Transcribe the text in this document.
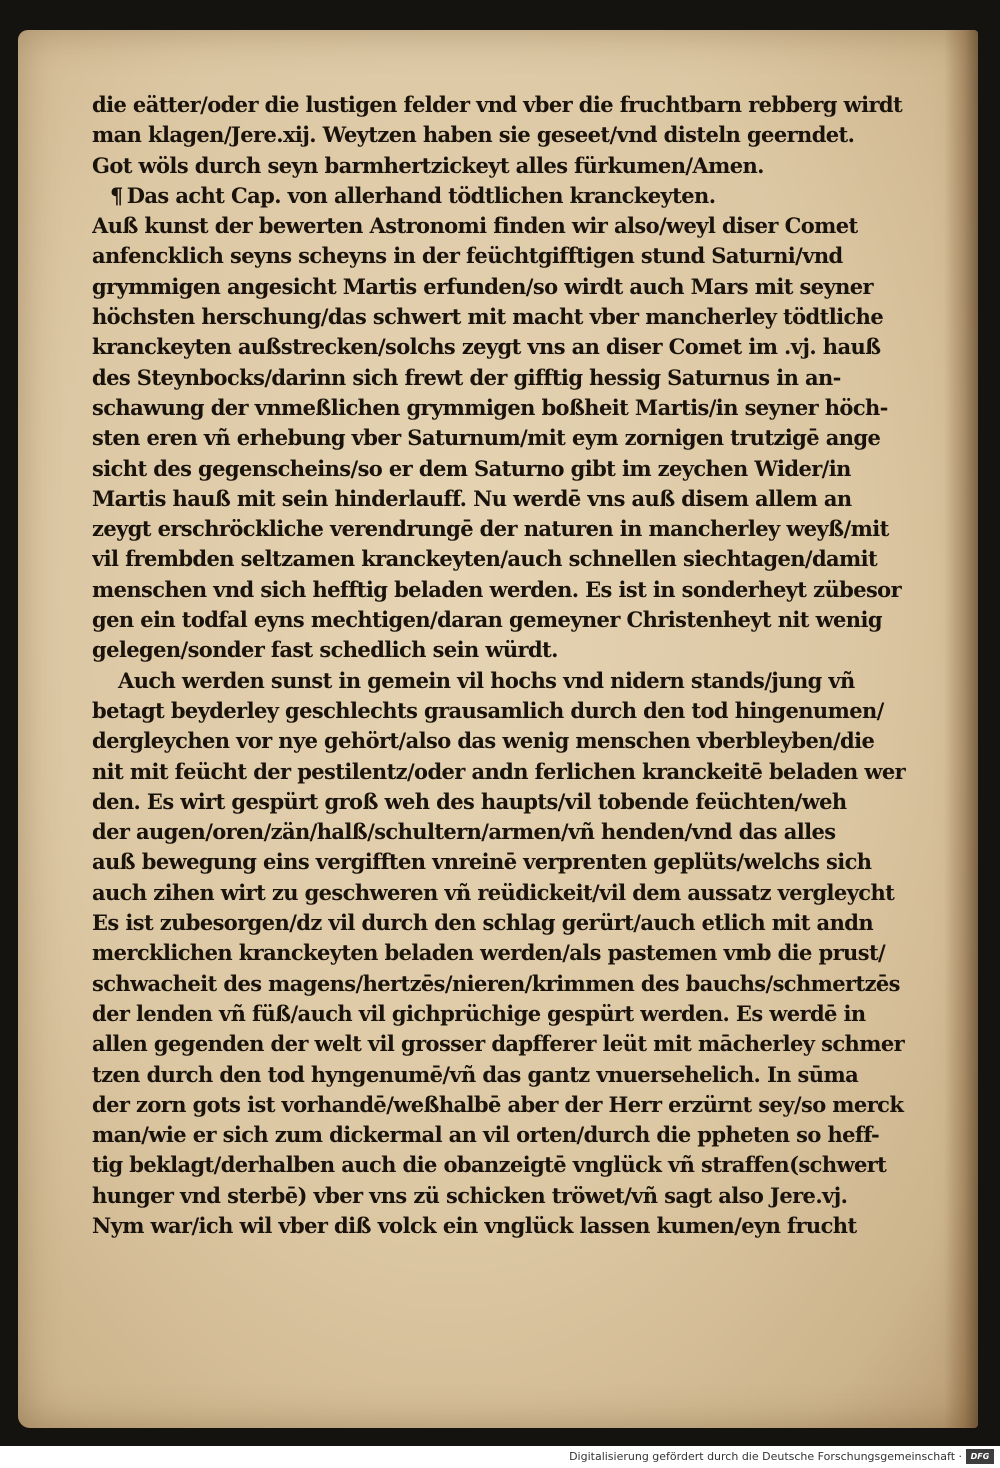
die eätter/oder die lustigen felder vnd vber die fruchtbarn rebberg wirdt
man klagen/Jere.xij. Weytzen haben sie geseet/vnd disteln geerndet.
Got wöls durch seyn barmhertzickeyt alles fürkumen/Amen.
¶ Das acht Cap. von allerhand tödtlichen kranckeyten.
Auß kunst der bewerten Astronomi finden wir also/weyl diser Comet
anfencklich seyns scheyns in der feüchtgifftigen stund Saturni/vnd
grymmigen angesicht Martis erfunden/so wirdt auch Mars mit seyner
höchsten herschung/das schwert mit macht vber mancherley tödtliche
kranckeyten außstrecken/solchs zeygt vns an diser Comet im .vj. hauß
des Steynbocks/darinn sich frewt der gifftig hessig Saturnus in an-
schawung der vnmeßlichen grymmigen boßheit Martis/in seyner höch-
sten eren vñ erhebung vber Saturnum/mit eym zornigen trutzigē ange
sicht des gegenscheins/so er dem Saturno gibt im zeychen Wider/in
Martis hauß mit sein hinderlauff. Nu werdē vns auß disem allem an
zeygt erschröckliche verendrungē der naturen in mancherley weyß/mit
vil frembden seltzamen kranckeyten/auch schnellen siechtagen/damit
menschen vnd sich hefftig beladen werden. Es ist in sonderheyt zübesor
gen ein todfal eyns mechtigen/daran gemeyner Christenheyt nit wenig
gelegen/sonder fast schedlich sein würdt.
Auch werden sunst in gemein vil hochs vnd nidern stands/jung vñ
betagt beyderley geschlechts grausamlich durch den tod hingenumen/
dergleychen vor nye gehört/also das wenig menschen vberbleyben/die
nit mit feücht der pestilentz/oder andn ferlichen kranckeitē beladen wer
den. Es wirt gespürt groß weh des haupts/vil tobende feüchten/weh
der augen/oren/zän/halß/schultern/armen/vñ henden/vnd das alles
auß bewegung eins vergifften vnreinē verprenten geplüts/welchs sich
auch zihen wirt zu geschweren vñ reüdickeit/vil dem aussatz vergleycht
Es ist zubesorgen/dz vil durch den schlag gerürt/auch etlich mit andn
mercklichen kranckeyten beladen werden/als pastemen vmb die prust/
schwacheit des magens/hertzēs/nieren/krimmen des bauchs/schmertzēs
der lenden vñ füß/auch vil gichprüchige gespürt werden. Es werdē in
allen gegenden der welt vil grosser dapfferer leüt mit mācherley schmer
tzen durch den tod hyngenumē/vñ das gantz vnuersehelich. In sūma
der zorn gots ist vorhandē/weßhalbē aber der Herr erzürnt sey/so merck
man/wie er sich zum dickermal an vil orten/durch die ppheten so heff-
tig beklagt/derhalben auch die obanzeigtē vnglück vñ straffen(schwert
hunger vnd sterbē) vber vns zü schicken tröwet/vñ sagt also Jere.vj.
Nym war/ich wil vber diß volck ein vnglück lassen kumen/eyn frucht
Digitalisierung gefördert durch die Deutsche Forschungsgemeinschaft ·	DFG
